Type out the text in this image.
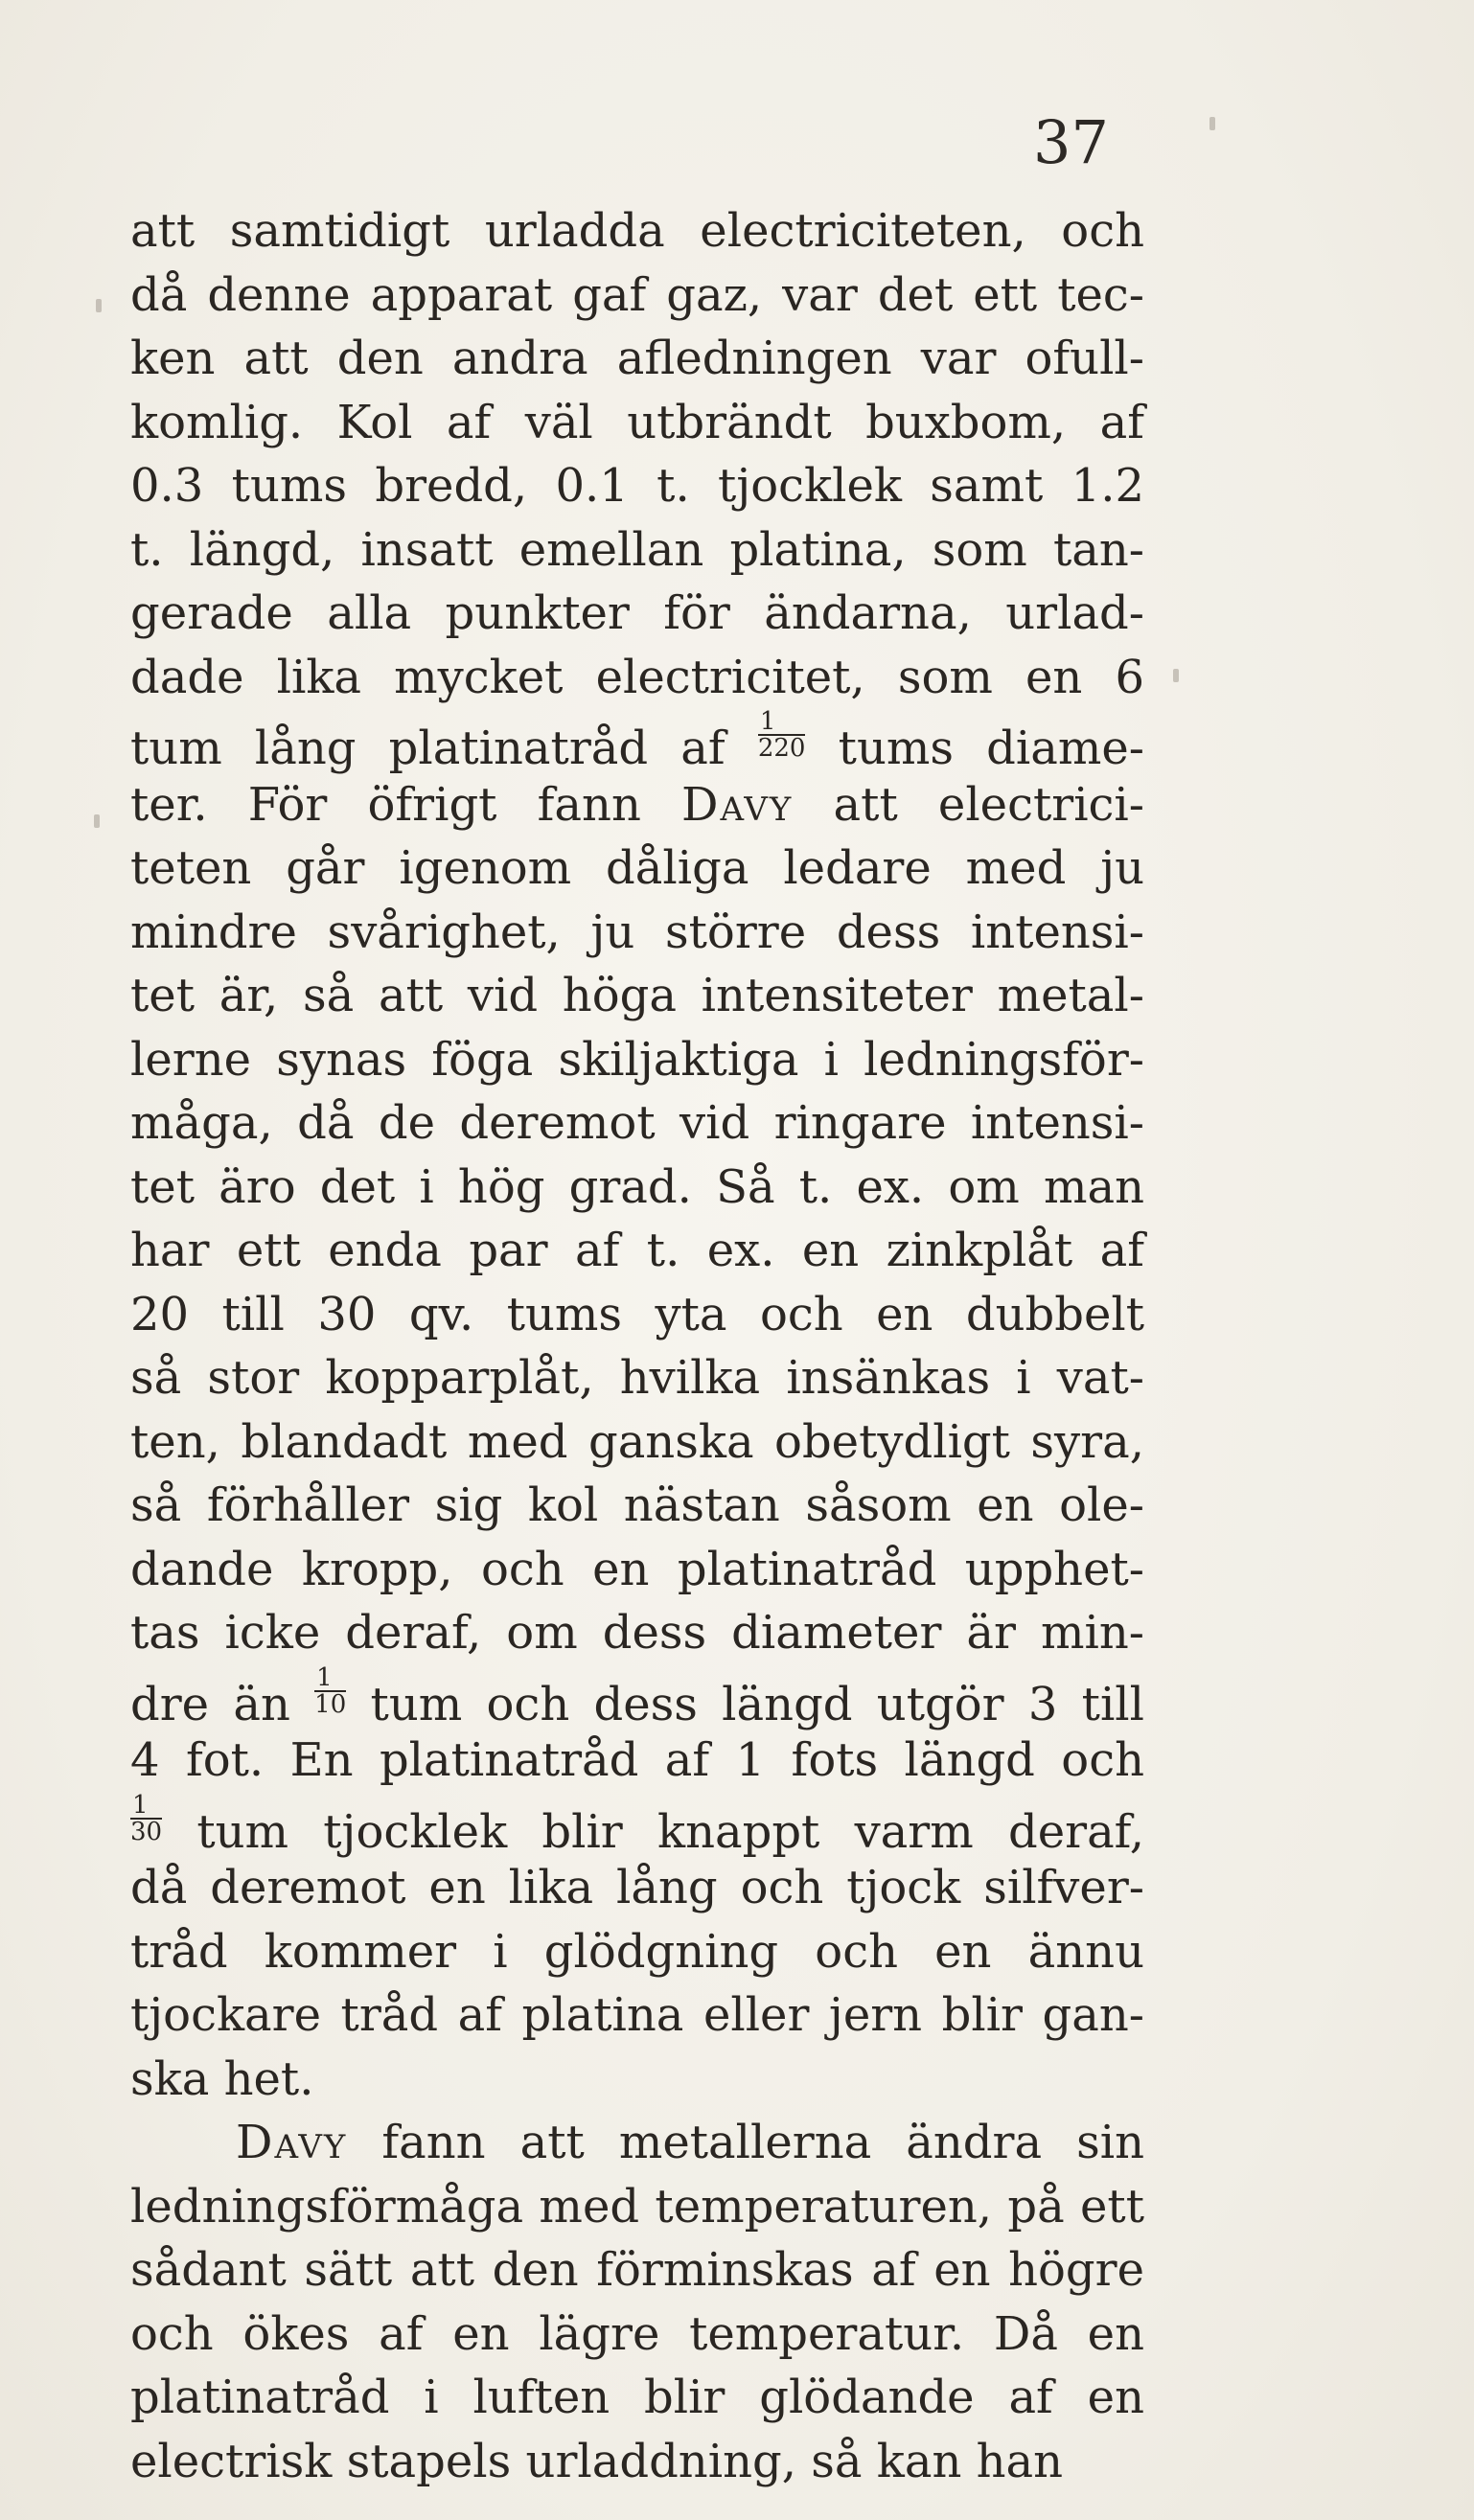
37
att samtidigt urladda electriciteten, och
då denne apparat gaf gaz, var det ett tec-
ken att den andra afledningen var ofull-
komlig. Kol af väl utbrändt buxbom, af
0.3 tums bredd, 0.1 t. tjocklek samt 1.2
t. längd, insatt emellan platina, som tan-
gerade alla punkter för ändarna, urlad-
dade lika mycket electricitet, som en 6
tum lång platinatråd af $\frac{1}{220}$ tums diame-
ter. För öfrigt fann Davy att electrici-
teten går igenom dåliga ledare med ju
mindre svårighet, ju större dess intensi-
tet är, så att vid höga intensiteter metal-
lerne synas föga skiljaktiga i ledningsför-
måga, då de deremot vid ringare intensi-
tet äro det i hög grad. Så t. ex. om man
har ett enda par af t. ex. en zinkplåt af
20 till 30 qv. tums yta och en dubbelt
så stor kopparplåt, hvilka insänkas i vat-
ten, blandadt med ganska obetydligt syra,
så förhåller sig kol nästan såsom en ole-
dande kropp, och en platinatråd upphet-
tas icke deraf, om dess diameter är min-
dre än $\frac{1}{10}$ tum och dess längd utgör 3 till
4 fot. En platinatråd af 1 fots längd och
$\frac{1}{30}$ tum tjocklek blir knappt varm deraf,
då deremot en lika lång och tjock silfver-
tråd kommer i glödgning och en ännu
tjockare tråd af platina eller jern blir gan-
ska het.
Davy fann att metallerna ändra sin
ledningsförmåga med temperaturen, på ett
sådant sätt att den förminskas af en högre
och ökes af en lägre temperatur. Då en
platinatråd i luften blir glödande af en
electrisk stapels urladdning, så kan han
